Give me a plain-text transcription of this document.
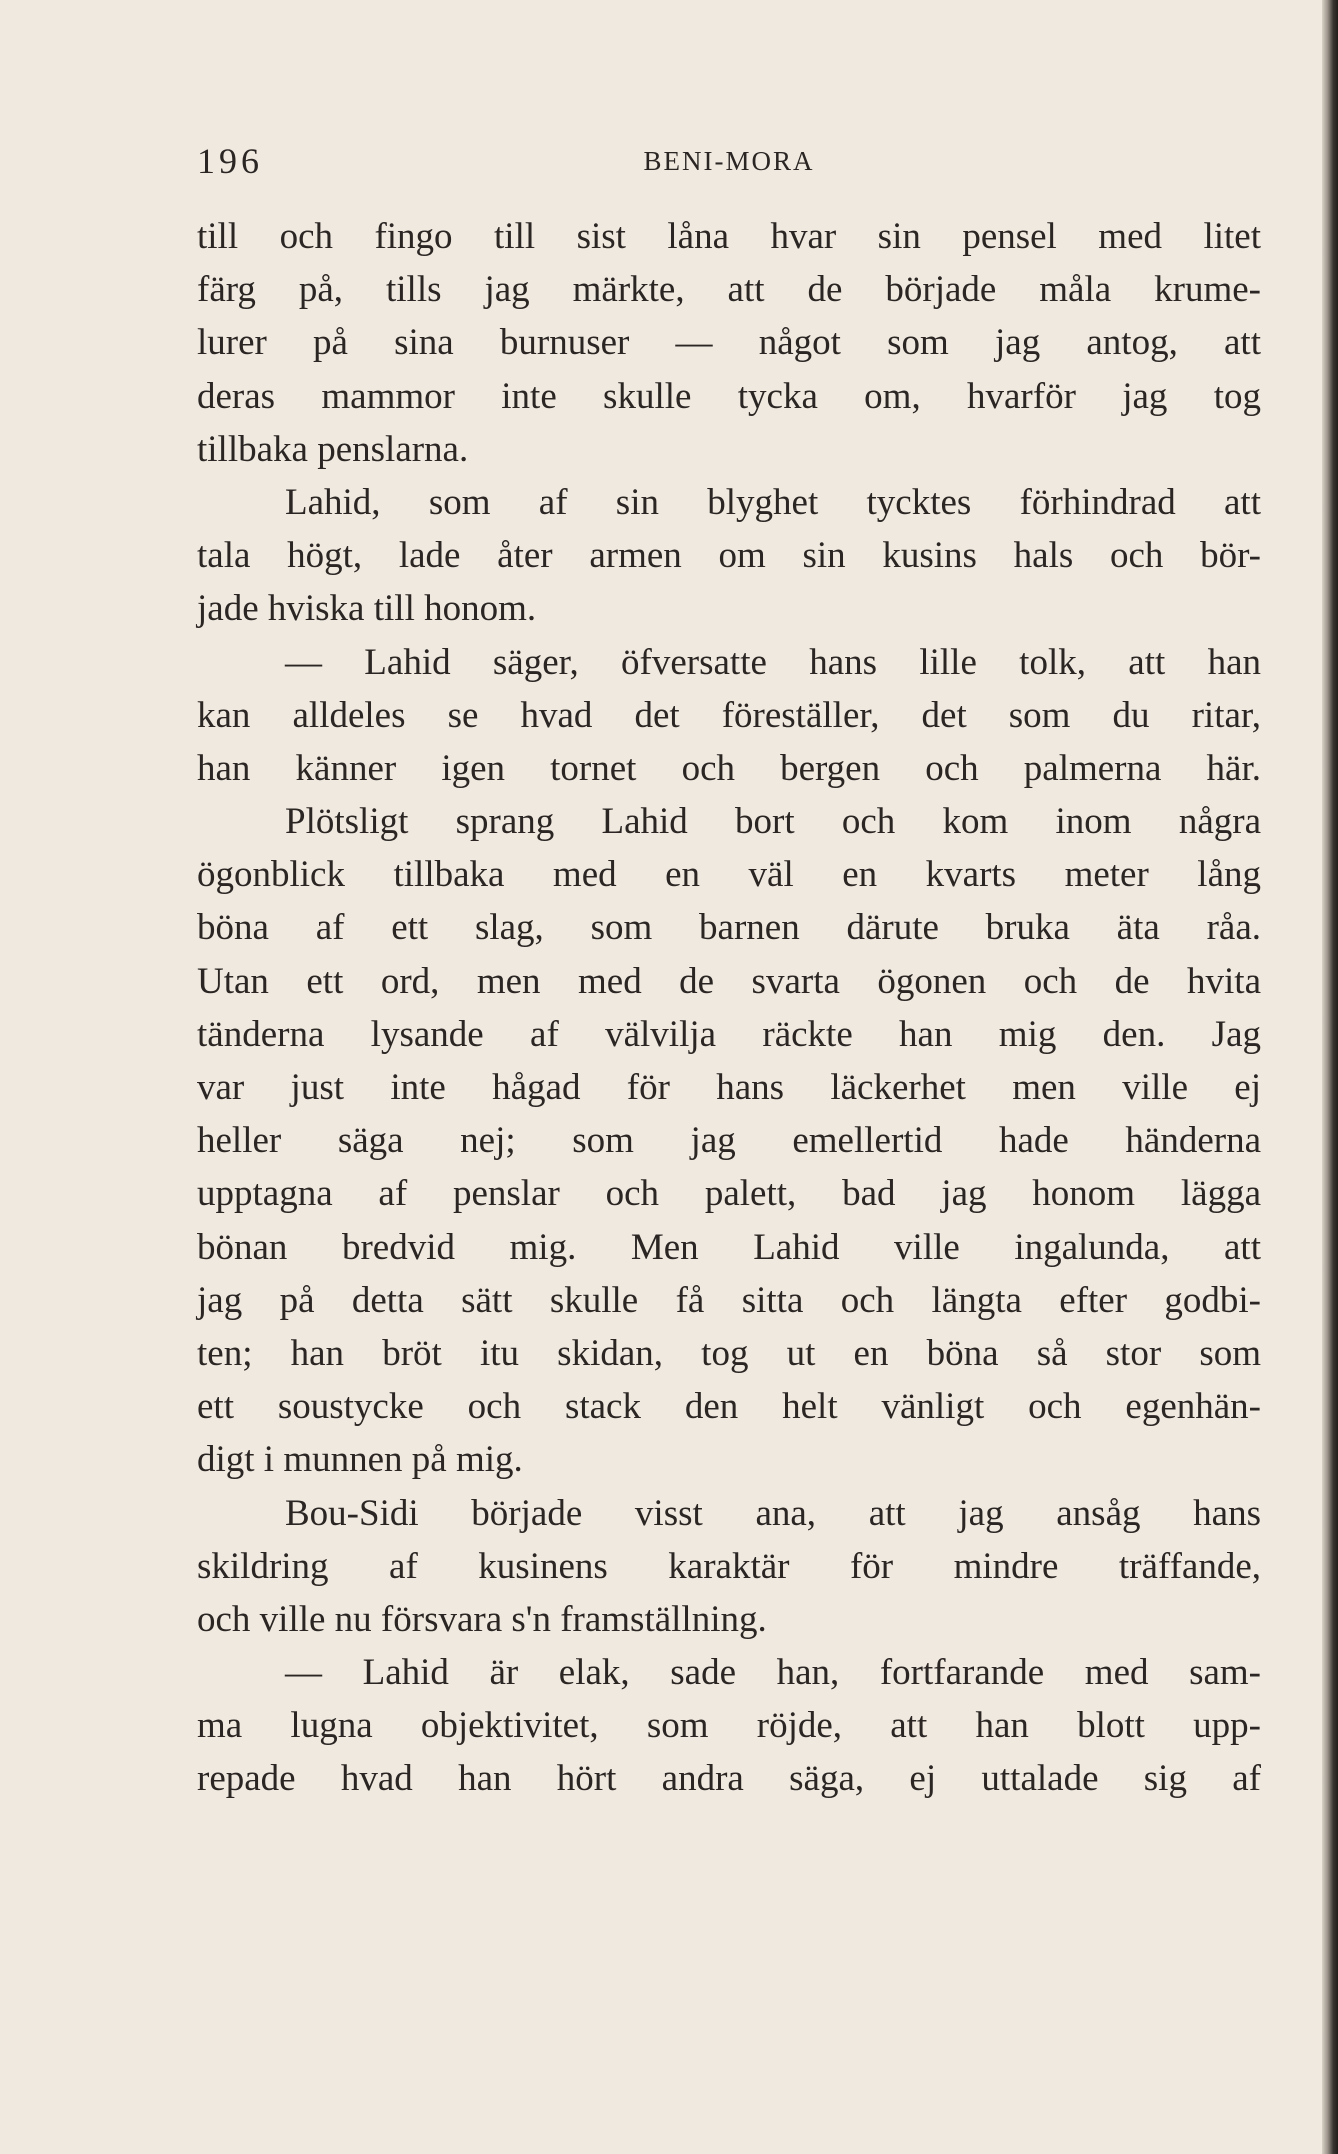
196	BENI-MORA
till och fingo till sist låna hvar sin pensel med litet
färg på, tills jag märkte, att de började måla krume-
lurer på sina burnuser — något som jag antog, att
deras mammor inte skulle tycka om, hvarför jag tog
tillbaka penslarna.
Lahid, som af sin blyghet tycktes förhindrad att
tala högt, lade åter armen om sin kusins hals och bör-
jade hviska till honom.
— Lahid säger, öfversatte hans lille tolk, att han
kan alldeles se hvad det föreställer, det som du ritar,
han känner igen tornet och bergen och palmerna här.
Plötsligt sprang Lahid bort och kom inom några
ögonblick tillbaka med en väl en kvarts meter lång
böna af ett slag, som barnen därute bruka äta råa.
Utan ett ord, men med de svarta ögonen och de hvita
tänderna lysande af välvilja räckte han mig den. Jag
var just inte hågad för hans läckerhet men ville ej
heller säga nej; som jag emellertid hade händerna
upptagna af penslar och palett, bad jag honom lägga
bönan bredvid mig. Men Lahid ville ingalunda, att
jag på detta sätt skulle få sitta och längta efter godbi-
ten; han bröt itu skidan, tog ut en böna så stor som
ett soustycke och stack den helt vänligt och egenhän-
digt i munnen på mig.
Bou-Sidi började visst ana, att jag ansåg hans
skildring af kusinens karaktär för mindre träffande,
och ville nu försvara s'n framställning.
— Lahid är elak, sade han, fortfarande med sam-
ma lugna objektivitet, som röjde, att han blott upp-
repade hvad han hört andra säga, ej uttalade sig af
